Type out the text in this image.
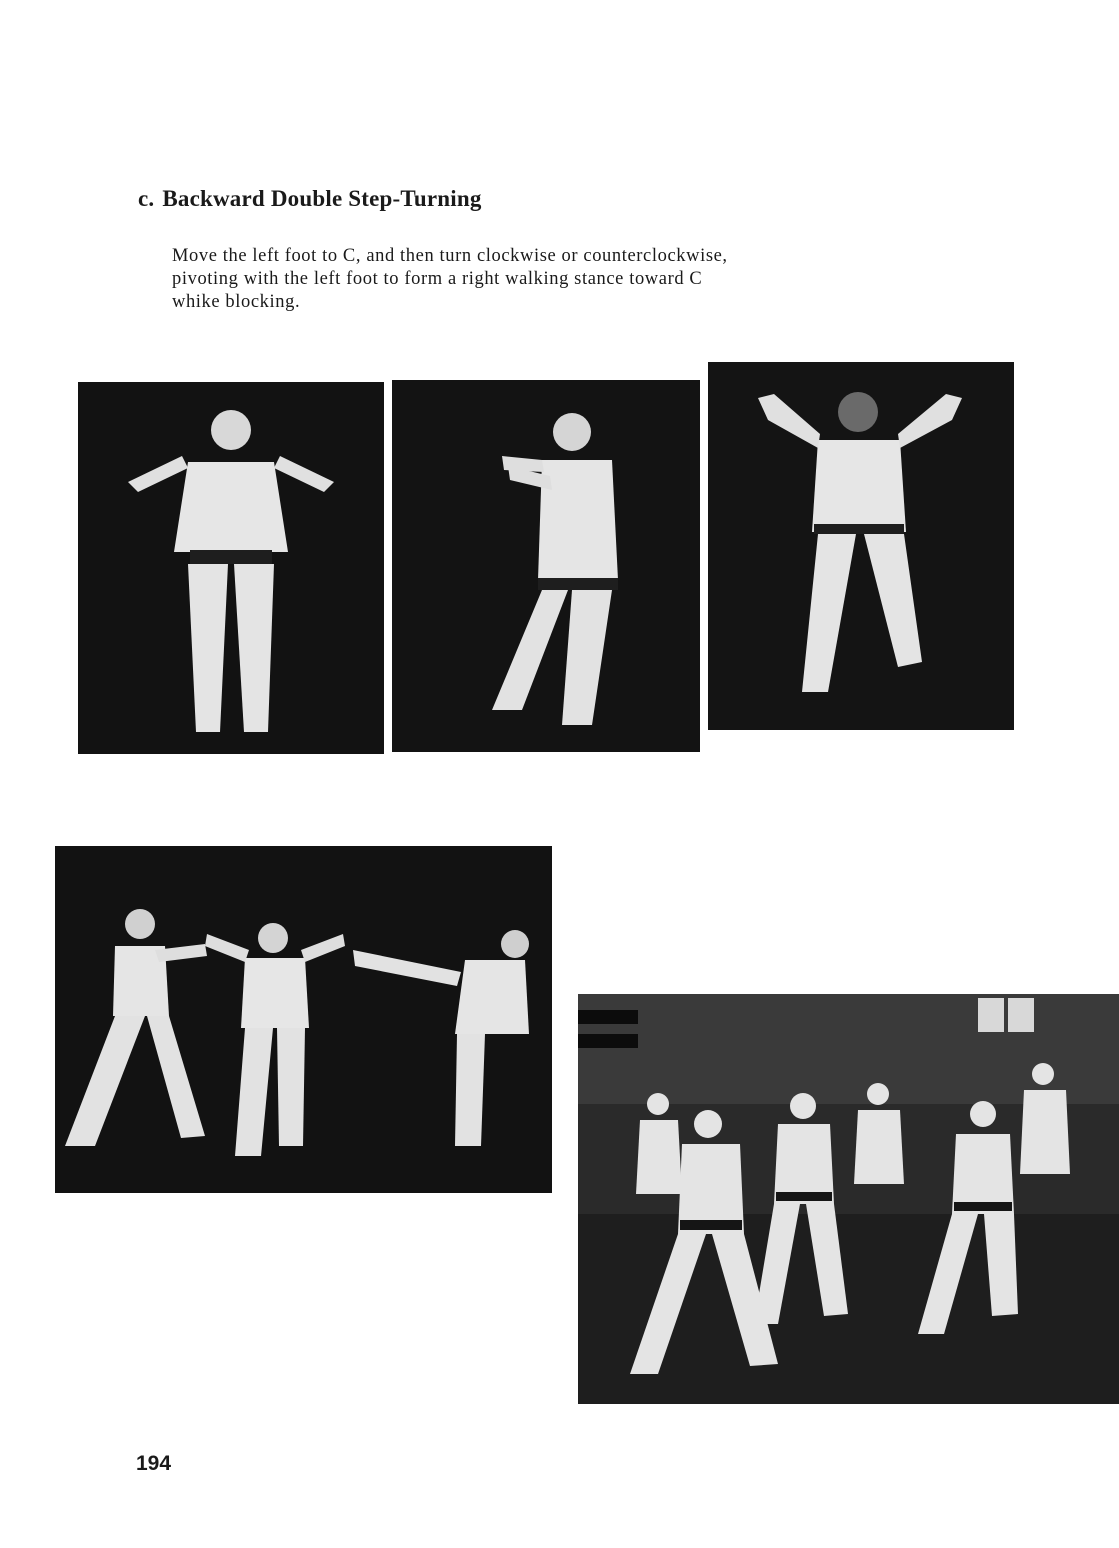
c. Backward Double Step-Turning
Move the left foot to C, and then turn clockwise or counterclockwise,
pivoting with the left foot to form a right walking stance toward C
whike blocking.
194
